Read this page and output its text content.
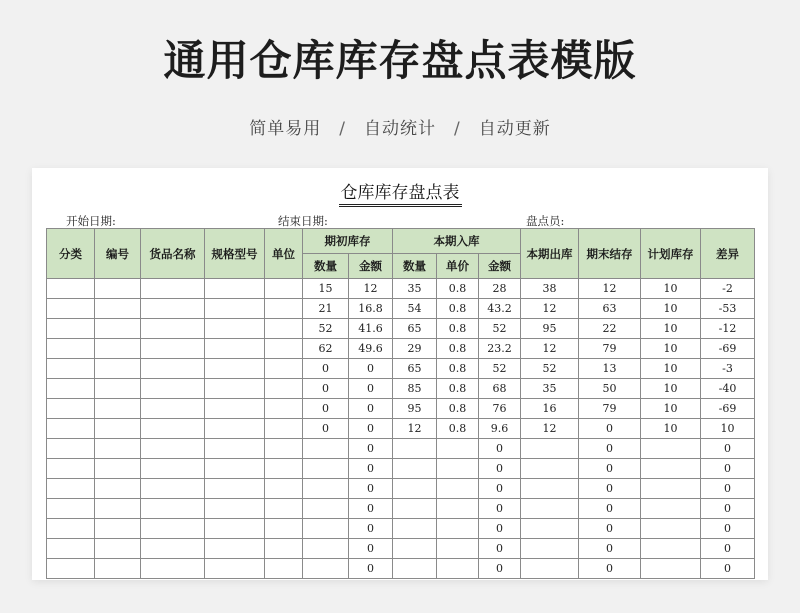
通用仓库库存盘点表模版
简单易用 / 自动统计 / 自动更新
仓库库存盘点表
开始日期:	结束日期:	盘点员:
分类	编号	货品名称	规格型号	单位	期初库存		本期入库			本期出库	期末结存	计划库存	差异
					数量	金额	数量	单价	金额				
					15	12	35	0.8	28	38	12	10	-2
					21	16.8	54	0.8	43.2	12	63	10	-53
					52	41.6	65	0.8	52	95	22	10	-12
					62	49.6	29	0.8	23.2	12	79	10	-69
					0	0	65	0.8	52	52	13	10	-3
					0	0	85	0.8	68	35	50	10	-40
					0	0	95	0.8	76	16	79	10	-69
					0	0	12	0.8	9.6	12	0	10	10
						0			0		0		0
						0			0		0		0
						0			0		0		0
						0			0		0		0
						0			0		0		0
						0			0		0		0
						0			0		0		0
